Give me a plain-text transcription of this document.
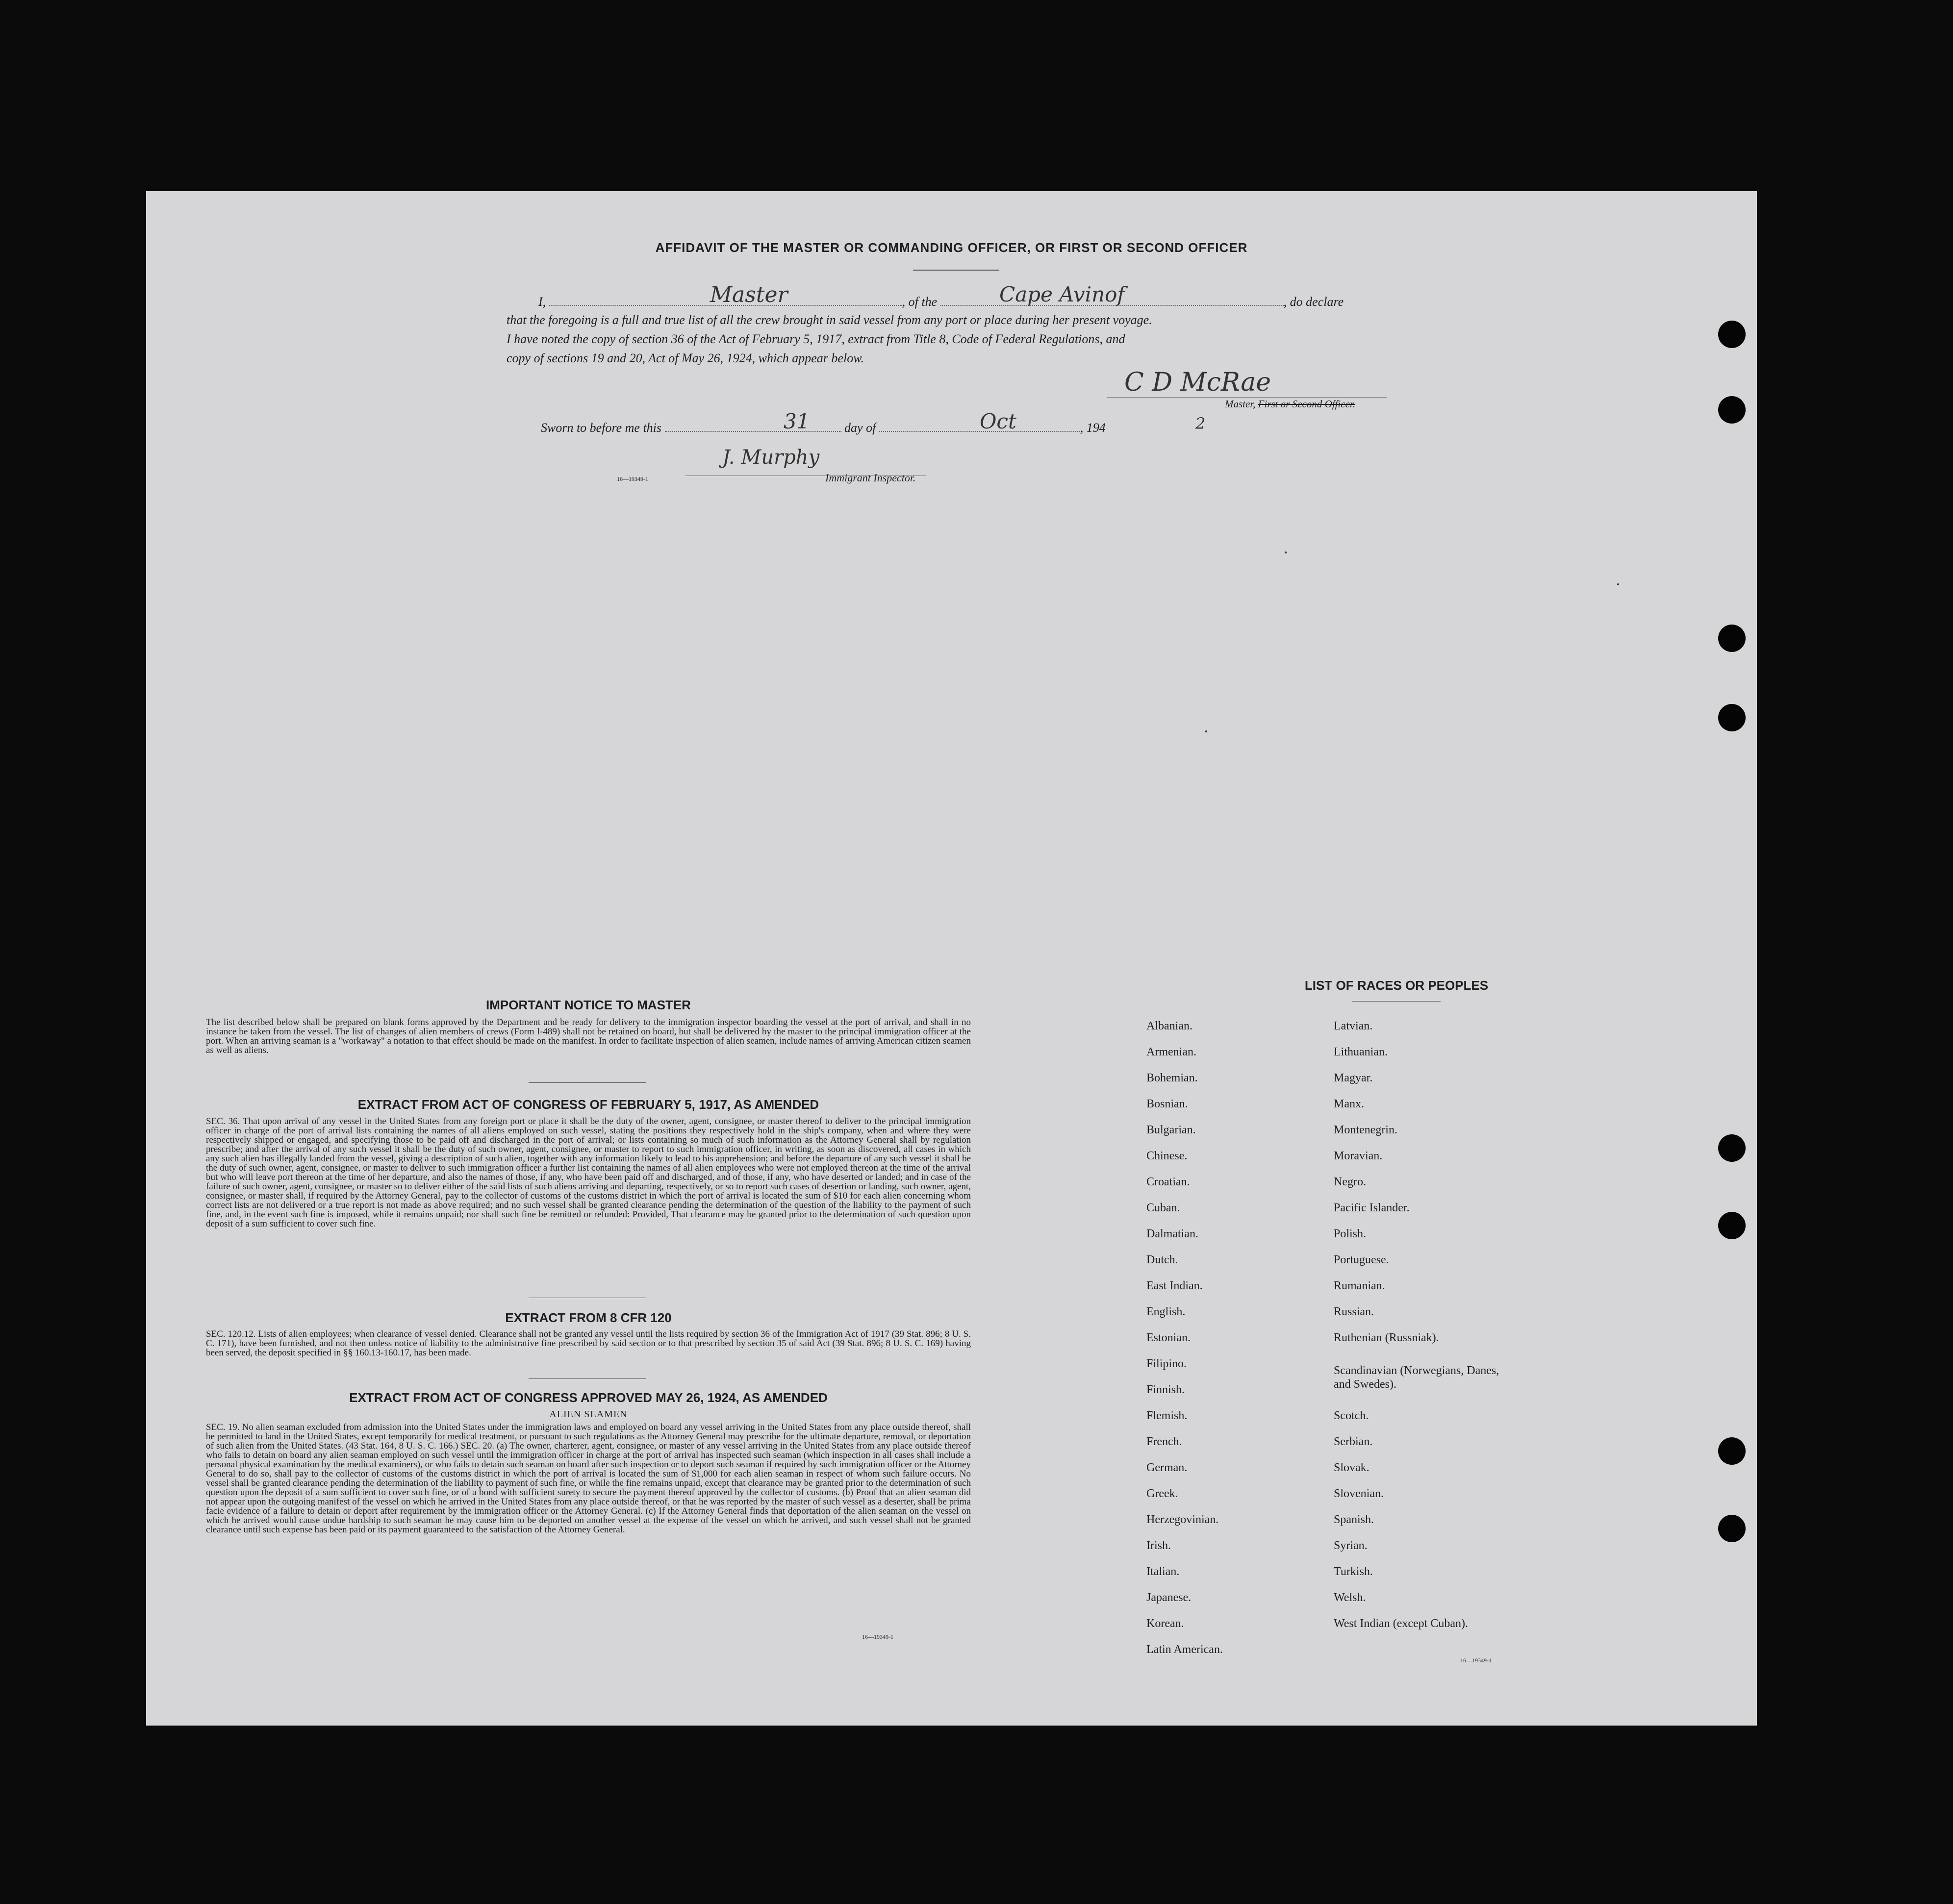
AFFIDAVIT OF THE MASTER OR COMMANDING OFFICER, OR FIRST OR SECOND OFFICER
I,	, of the	, do declare
Master	Cape Avinof
that the foregoing is a full and true list of all the crew brought in said vessel from any port or place during her present voyage.
I have noted the copy of section 36 of the Act of February 5, 1917, extract from Title 8, Code of Federal Regulations, and
copy of sections 19 and 20, Act of May 26, 1924, which appear below.
C D McRae
Master, First or Second Officer.
Sworn to before me this	day of	, 194
31	Oct	2
16—19349-1
J. Murphy
Immigrant Inspector.
IMPORTANT NOTICE TO MASTER
The list described below shall be prepared on blank forms approved by the Department and be ready for delivery to the immigration inspector boarding the vessel at the port of arrival, and shall in no instance be taken from the vessel. The list of changes of alien members of crews (Form I-489) shall not be retained on board, but shall be delivered by the master to the principal immigration officer at the port. When an arriving seaman is a "workaway" a notation to that effect should be made on the manifest. In order to facilitate inspection of alien seamen, include names of arriving American citizen seamen as well as aliens.
EXTRACT FROM ACT OF CONGRESS OF FEBRUARY 5, 1917, AS AMENDED
SEC. 36. That upon arrival of any vessel in the United States from any foreign port or place it shall be the duty of the owner, agent, consignee, or master thereof to deliver to the principal immigration officer in charge of the port of arrival lists containing the names of all aliens employed on such vessel, stating the positions they respectively hold in the ship's company, when and where they were respectively shipped or engaged, and specifying those to be paid off and discharged in the port of arrival; or lists containing so much of such information as the Attorney General shall by regulation prescribe; and after the arrival of any such vessel it shall be the duty of such owner, agent, consignee, or master to report to such immigration officer, in writing, as soon as discovered, all cases in which any such alien has illegally landed from the vessel, giving a description of such alien, together with any information likely to lead to his apprehension; and before the departure of any such vessel it shall be the duty of such owner, agent, consignee, or master to deliver to such immigration officer a further list containing the names of all alien employees who were not employed thereon at the time of the arrival but who will leave port thereon at the time of her departure, and also the names of those, if any, who have been paid off and discharged, and of those, if any, who have deserted or landed; and in case of the failure of such owner, agent, consignee, or master so to deliver either of the said lists of such aliens arriving and departing, respectively, or so to report such cases of desertion or landing, such owner, agent, consignee, or master shall, if required by the Attorney General, pay to the collector of customs of the customs district in which the port of arrival is located the sum of $10 for each alien concerning whom correct lists are not delivered or a true report is not made as above required; and no such vessel shall be granted clearance pending the determination of the question of the liability to the payment of such fine, and, in the event such fine is imposed, while it remains unpaid; nor shall such fine be remitted or refunded: Provided, That clearance may be granted prior to the determination of such question upon deposit of a sum sufficient to cover such fine.
EXTRACT FROM 8 CFR 120
SEC. 120.12. Lists of alien employees; when clearance of vessel denied. Clearance shall not be granted any vessel until the lists required by section 36 of the Immigration Act of 1917 (39 Stat. 896; 8 U. S. C. 171), have been furnished, and not then unless notice of liability to the administrative fine prescribed by said section or to that prescribed by section 35 of said Act (39 Stat. 896; 8 U. S. C. 169) having been served, the deposit specified in §§ 160.13-160.17, has been made.
EXTRACT FROM ACT OF CONGRESS APPROVED MAY 26, 1924, AS AMENDED
ALIEN SEAMEN
SEC. 19. No alien seaman excluded from admission into the United States under the immigration laws and employed on board any vessel arriving in the United States from any place outside thereof, shall be permitted to land in the United States, except temporarily for medical treatment, or pursuant to such regulations as the Attorney General may prescribe for the ultimate departure, removal, or deportation of such alien from the United States. (43 Stat. 164, 8 U. S. C. 166.) SEC. 20. (a) The owner, charterer, agent, consignee, or master of any vessel arriving in the United States from any place outside thereof who fails to detain on board any alien seaman employed on such vessel until the immigration officer in charge at the port of arrival has inspected such seaman (which inspection in all cases shall include a personal physical examination by the medical examiners), or who fails to detain such seaman on board after such inspection or to deport such seaman if required by such immigration officer or the Attorney General to do so, shall pay to the collector of customs of the customs district in which the port of arrival is located the sum of $1,000 for each alien seaman in respect of whom such failure occurs. No vessel shall be granted clearance pending the determination of the liability to payment of such fine, or while the fine remains unpaid, except that clearance may be granted prior to the determination of such question upon the deposit of a sum sufficient to cover such fine, or of a bond with sufficient surety to secure the payment thereof approved by the collector of customs. (b) Proof that an alien seaman did not appear upon the outgoing manifest of the vessel on which he arrived in the United States from any place outside thereof, or that he was reported by the master of such vessel as a deserter, shall be prima facie evidence of a failure to detain or deport after requirement by the immigration officer or the Attorney General. (c) If the Attorney General finds that deportation of the alien seaman on the vessel on which he arrived would cause undue hardship to such seaman he may cause him to be deported on another vessel at the expense of the vessel on which he arrived, and such vessel shall not be granted clearance until such expense has been paid or its payment guaranteed to the satisfaction of the Attorney General.
16—19349-1
LIST OF RACES OR PEOPLES
Albanian.
Armenian.
Bohemian.
Bosnian.
Bulgarian.
Chinese.
Croatian.
Cuban.
Dalmatian.
Dutch.
East Indian.
English.
Estonian.
Filipino.
Finnish.
Flemish.
French.
German.
Greek.
Herzegovinian.
Irish.
Italian.
Japanese.
Korean.
Latin American.
Latvian.
Lithuanian.
Magyar.
Manx.
Montenegrin.
Moravian.
Negro.
Pacific Islander.
Polish.
Portuguese.
Rumanian.
Russian.
Ruthenian (Russniak).
Scandinavian (Norwegians, Danes, and Swedes).
Scotch.
Serbian.
Slovak.
Slovenian.
Spanish.
Syrian.
Turkish.
Welsh.
West Indian (except Cuban).
16—19349-1
